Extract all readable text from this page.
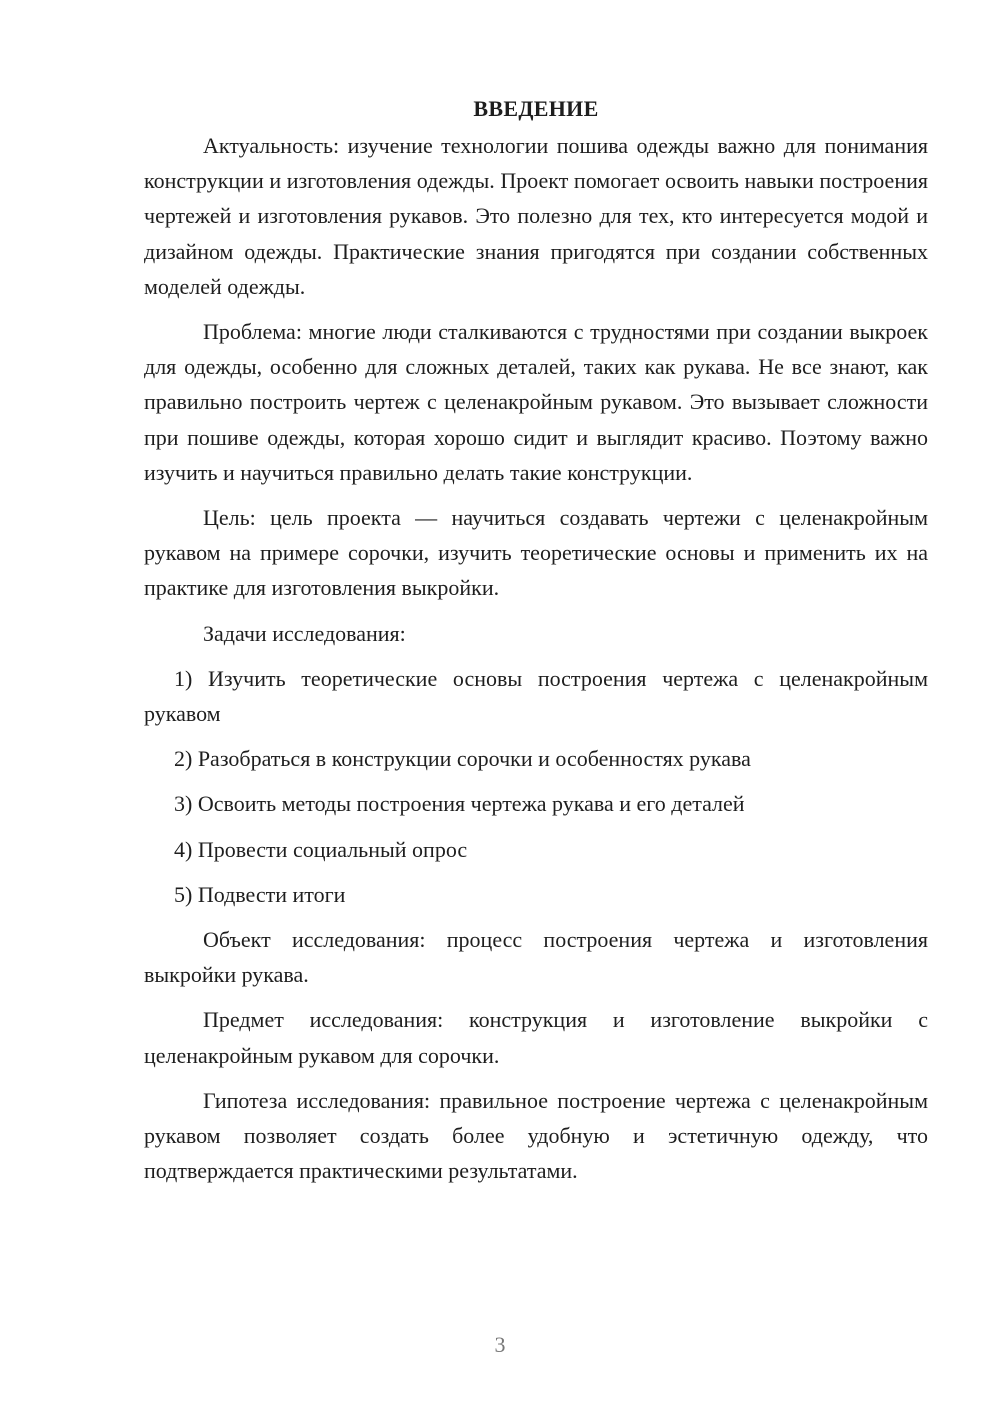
ВВЕДЕНИЕ

Актуальность: изучение технологии пошива одежды важно для понимания конструкции и изготовления одежды. Проект помогает освоить навыки построения чертежей и изготовления рукавов. Это полезно для тех, кто интересуется модой и дизайном одежды. Практические знания пригодятся при создании собственных моделей одежды.

Проблема: многие люди сталкиваются с трудностями при создании выкроек для одежды, особенно для сложных деталей, таких как рукава. Не все знают, как правильно построить чертеж с целенакройным рукавом. Это вызывает сложности при пошиве одежды, которая хорошо сидит и выглядит красиво. Поэтому важно изучить и научиться правильно делать такие конструкции.

Цель: цель проекта — научиться создавать чертежи с целенакройным рукавом на примере сорочки, изучить теоретические основы и применить их на практике для изготовления выкройки.

Задачи исследования:

1) Изучить теоретические основы построения чертежа с целенакройным рукавом

2) Разобраться в конструкции сорочки и особенностях рукава

3) Освоить методы построения чертежа рукава и его деталей

4) Провести социальный опрос

5) Подвести итоги

Объект исследования: процесс построения чертежа и изготовления выкройки рукава.

Предмет исследования: конструкция и изготовление выкройки с целенакройным рукавом для сорочки.

Гипотеза исследования: правильное построение чертежа с целенакройным рукавом позволяет создать более удобную и эстетичную одежду, что подтверждается практическими результатами.

3
